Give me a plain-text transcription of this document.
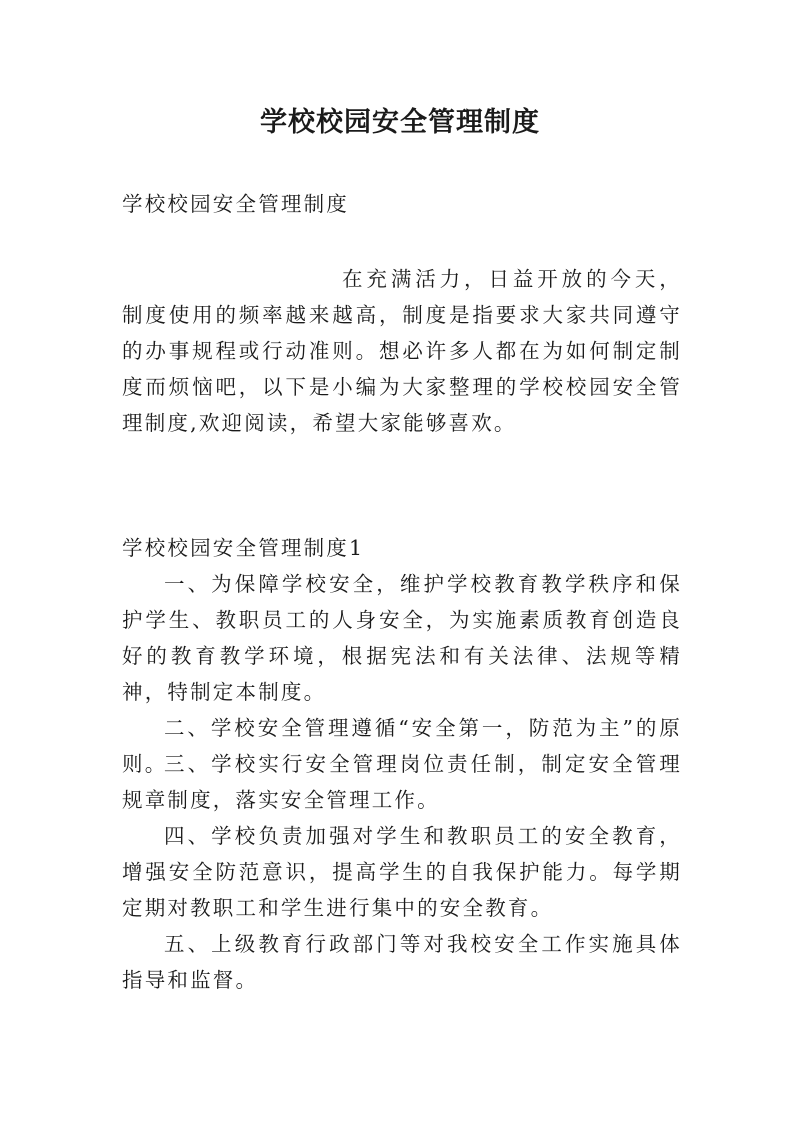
学校校园安全管理制度
学校校园安全管理制度
在充满活力，日益开放的今天，制度使用的频率越来越高，制度是指要求大家共同遵守的办事规程或行动准则。想必许多人都在为如何制定制度而烦恼吧，以下是小编为大家整理的学校校园安全管理制度,欢迎阅读，希望大家能够喜欢。
学校校园安全管理制度1
一、为保障学校安全，维护学校教育教学秩序和保护学生、教职员工的人身安全，为实施素质教育创造良好的教育教学环境，根据宪法和有关法律、法规等精神，特制定本制度。
二、学校安全管理遵循“安全第一，防范为主”的原则。
三、学校实行安全管理岗位责任制，制定安全管理规章制度，落实安全管理工作。
四、学校负责加强对学生和教职员工的安全教育，增强安全防范意识，提高学生的自我保护能力。每学期定期对教职工和学生进行集中的安全教育。
五、上级教育行政部门等对我校安全工作实施具体指导和监督。
